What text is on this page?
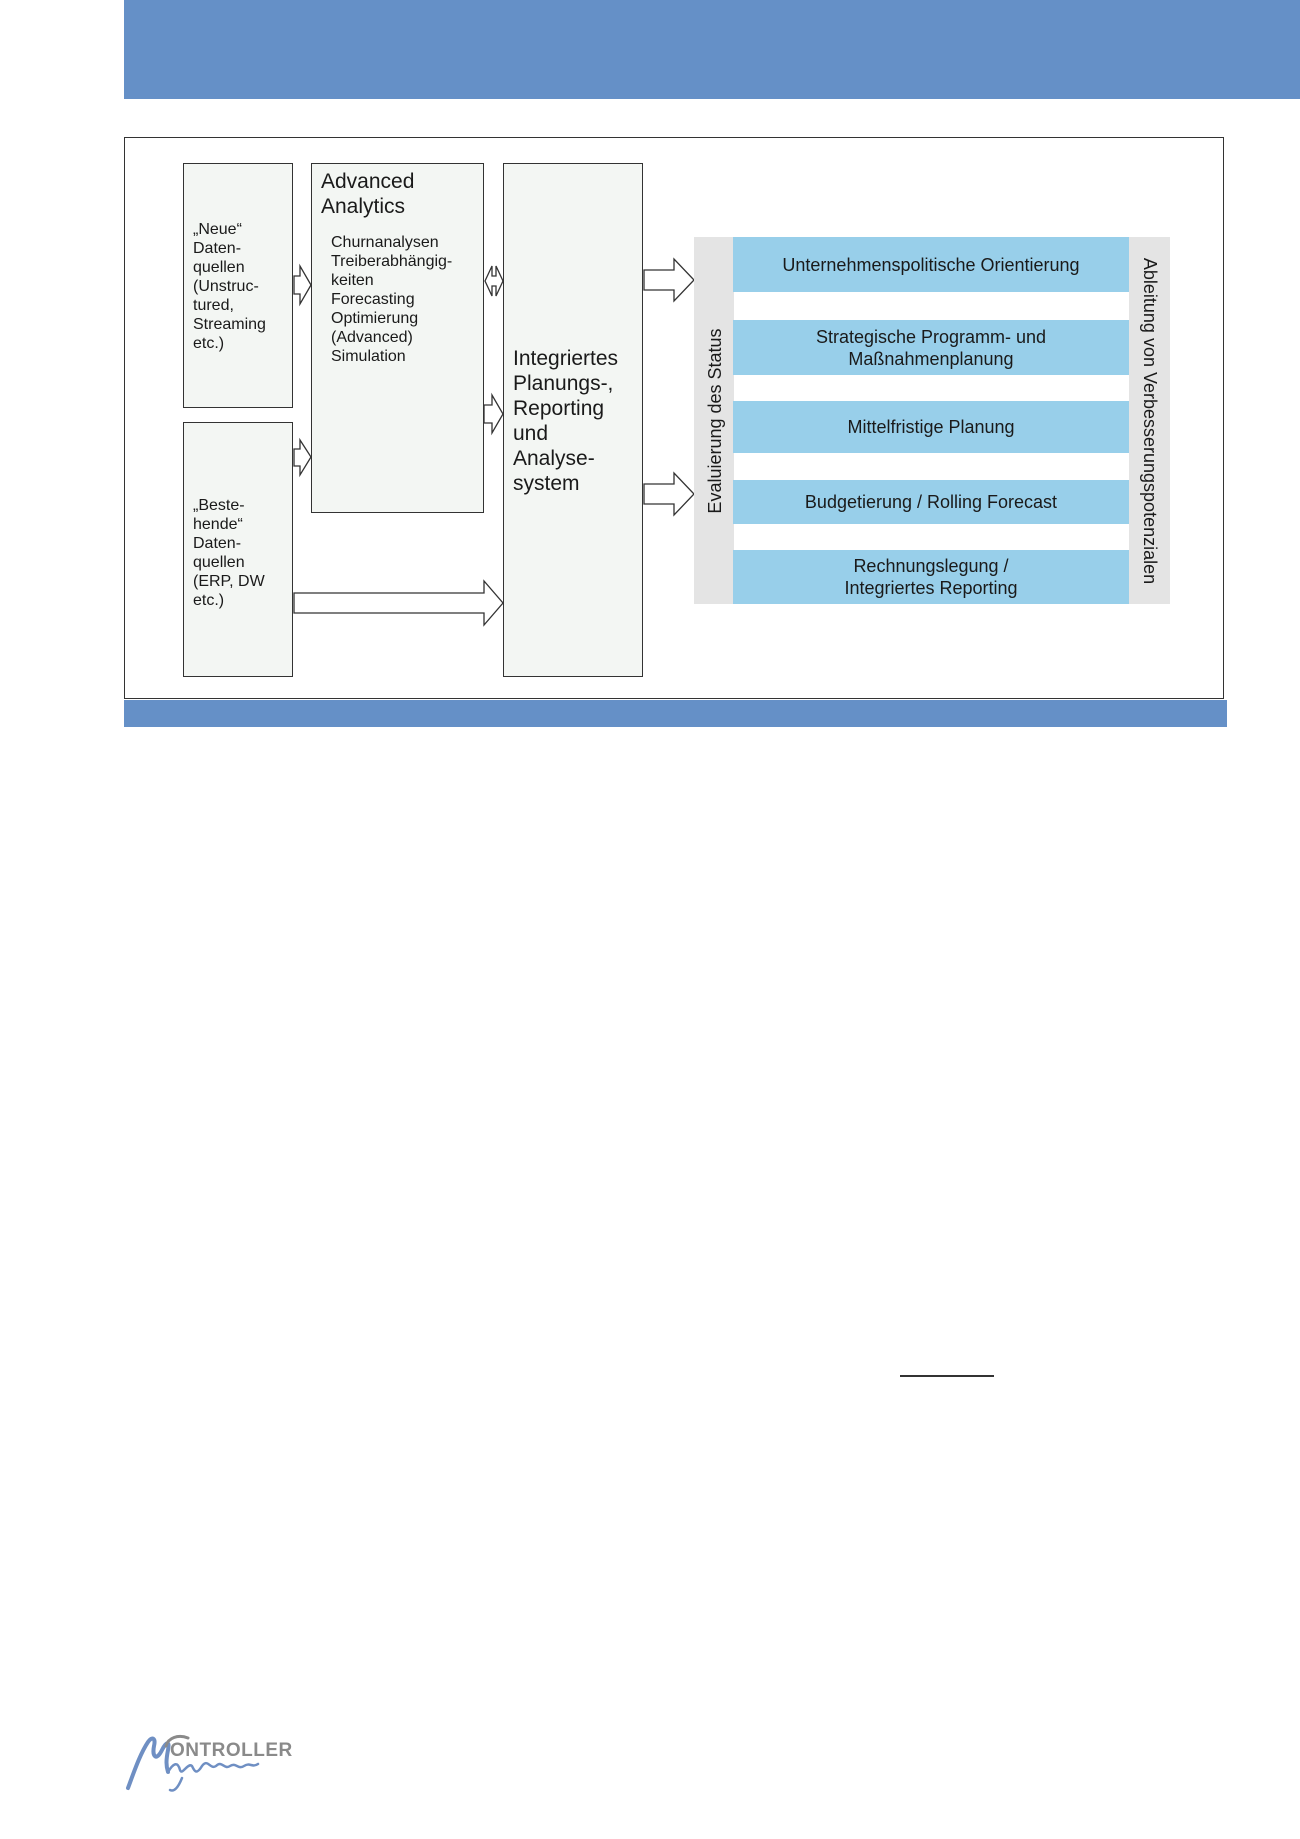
„Neue“
Daten-
quellen
(Unstruc-
tured,
Streaming
etc.)
„Beste-
hende“
Daten-
quellen
(ERP, DW
etc.)
Advanced
Analytics
Churnanalysen
Treiberabhängig-
keiten
Forecasting
Optimierung
(Advanced)
Simulation	Integriertes
Planungs-,
Reporting
und
Analyse-
system	Evaluierung des Status	Ableitung von Verbesserungspotenzialen
Unternehmenspolitische Orientierung
Strategische Programm- und
Maßnahmenplanung
Mittelfristige Planung
Budgetierung / Rolling Forecast
Rechnungslegung /
Integriertes Reporting
ONTROLLER
